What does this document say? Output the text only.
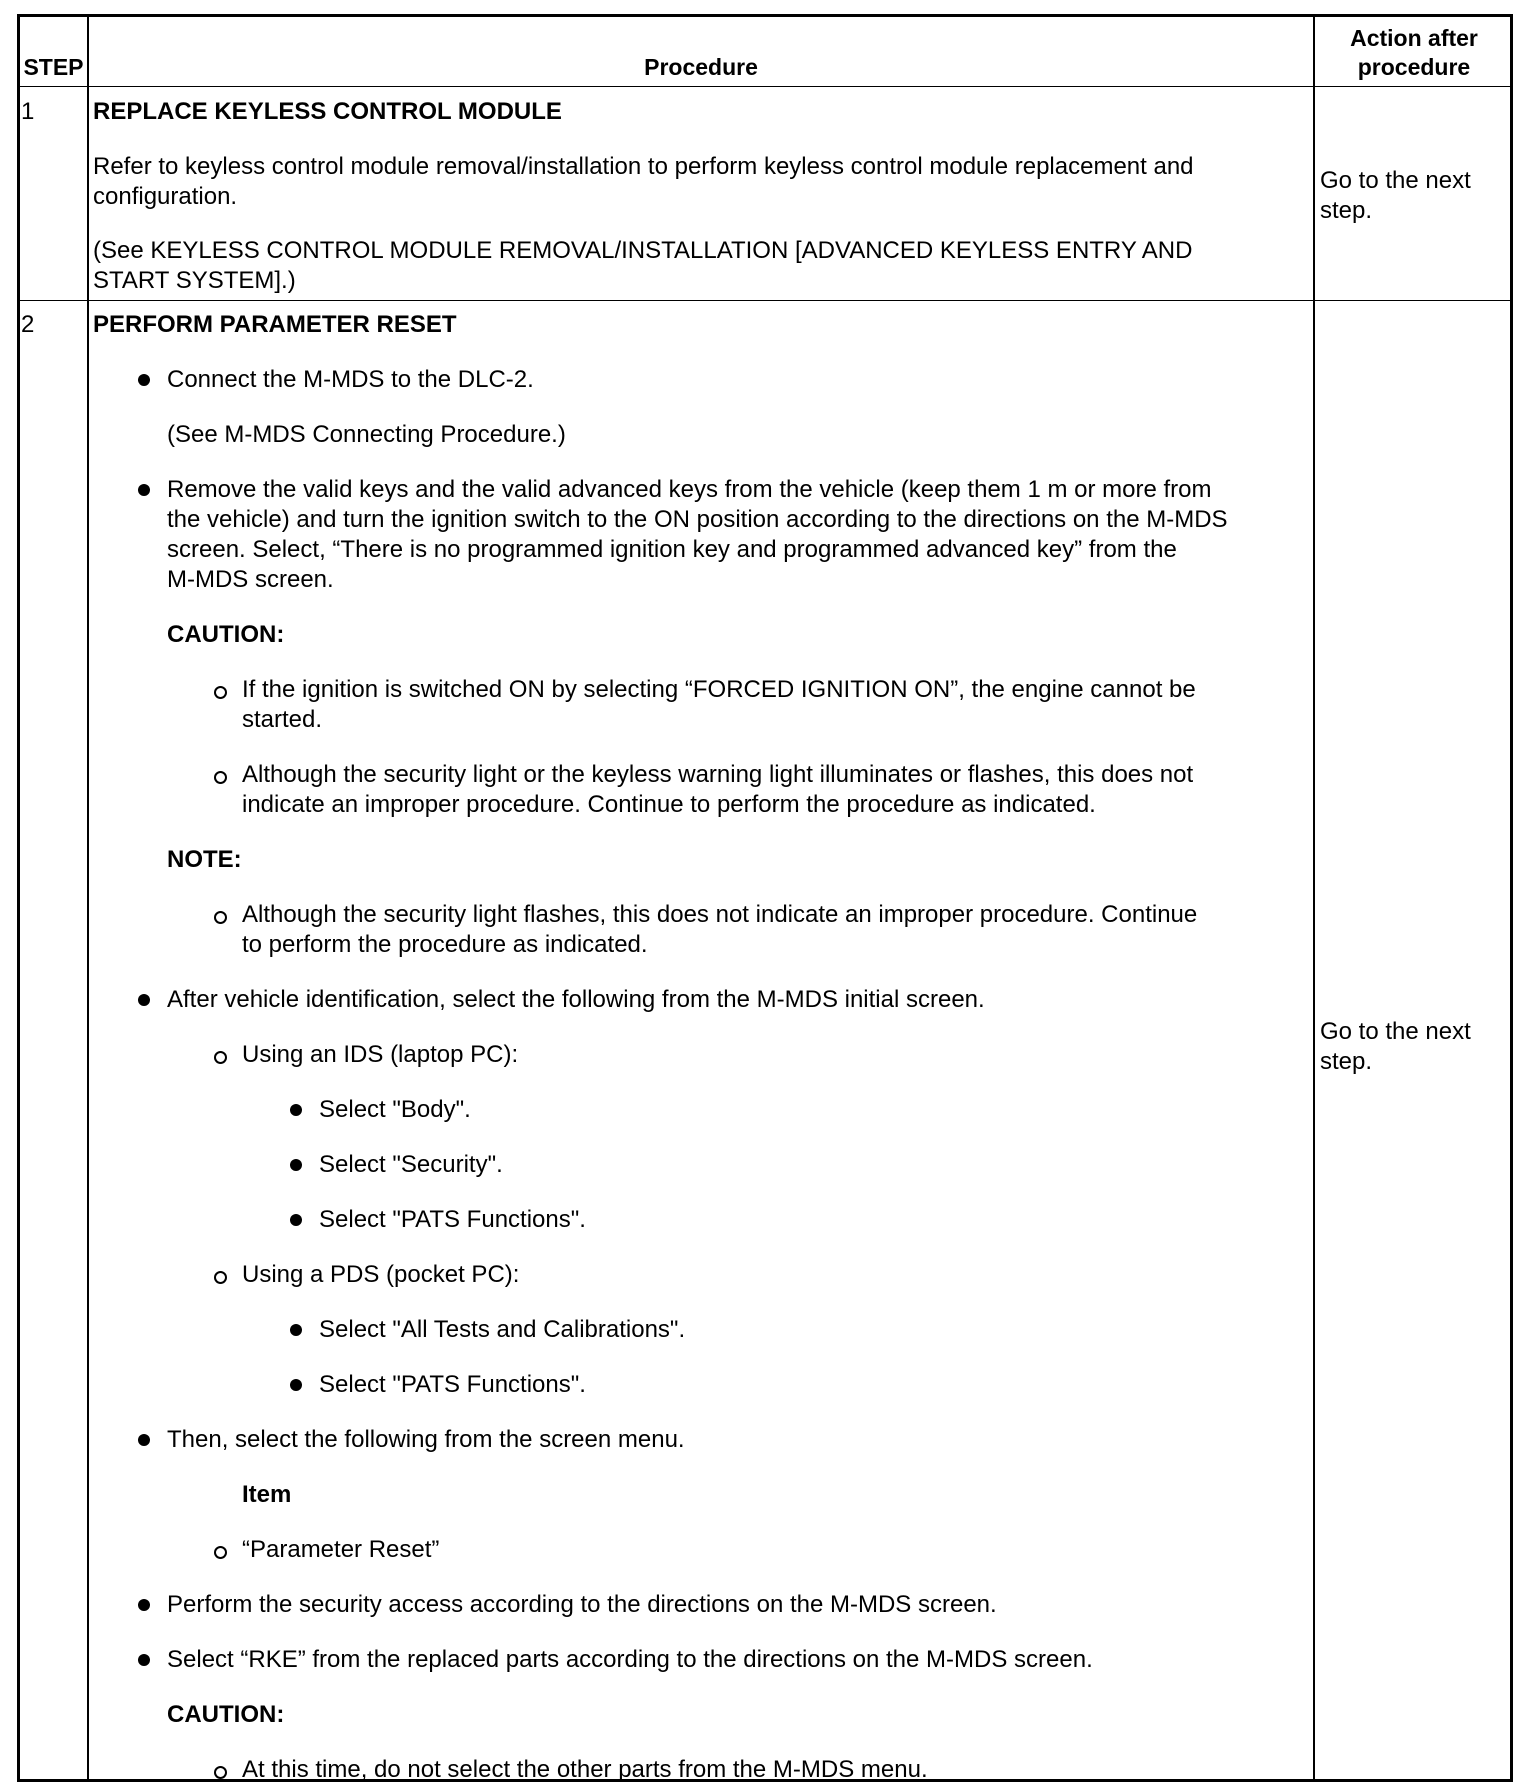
STEP	Procedure
Action after
procedure
1 REPLACE KEYLESS CONTROL MODULE
Refer to keyless control module removal/installation to perform keyless control module replacement and
configuration.
(See KEYLESS CONTROL MODULE REMOVAL/INSTALLATION [ADVANCED KEYLESS ENTRY AND
START SYSTEM].)
Go to the next
step.
2 PERFORM PARAMETER RESET
Connect the M-MDS to the DLC-2.
(See M-MDS Connecting Procedure.)
Remove the valid keys and the valid advanced keys from the vehicle (keep them 1 m or more from
the vehicle) and turn the ignition switch to the ON position according to the directions on the M-MDS
screen. Select, “There is no programmed ignition key and programmed advanced key” from the
M-MDS screen.
CAUTION:
If the ignition is switched ON by selecting “FORCED IGNITION ON”, the engine cannot be
started.
Although the security light or the keyless warning light illuminates or flashes, this does not
indicate an improper procedure. Continue to perform the procedure as indicated.
NOTE:
Although the security light flashes, this does not indicate an improper procedure. Continue
to perform the procedure as indicated.
After vehicle identification, select the following from the M-MDS initial screen.
Using an IDS (laptop PC):
Select "Body".
Select "Security".
Select "PATS Functions".
Using a PDS (pocket PC):
Select "All Tests and Calibrations".
Select "PATS Functions".
Then, select the following from the screen menu.
Item
“Parameter Reset”
Perform the security access according to the directions on the M-MDS screen.
Select “RKE” from the replaced parts according to the directions on the M-MDS screen.
CAUTION:
At this time, do not select the other parts from the M-MDS menu.
Go to the next
step.
